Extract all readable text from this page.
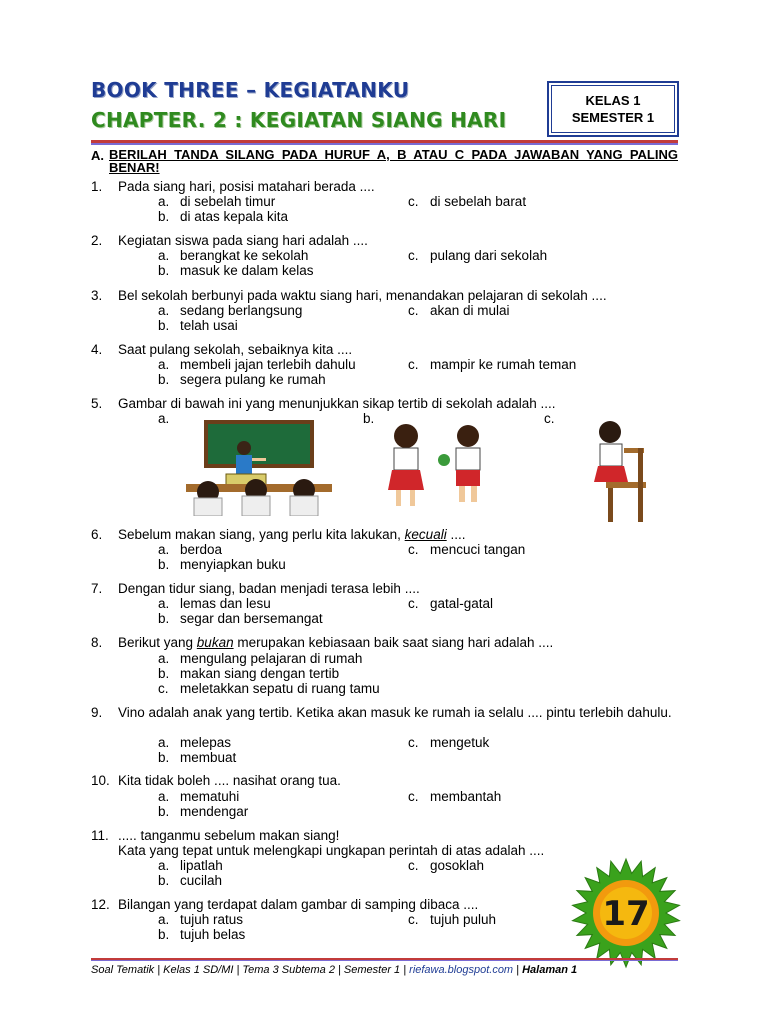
BOOK THREE – KEGIATANKU
CHAPTER. 2 : KEGIATAN SIANG HARI
KELAS 1
SEMESTER 1
A. BERILAH TANDA SILANG PADA HURUF A, B ATAU C PADA JAWABAN YANG PALING BENAR!
1. Pada siang hari, posisi matahari berada ....
a. di sebelah timur
b. di atas kepala kita
c. di sebelah barat
2. Kegiatan siswa pada siang hari adalah ....
a. berangkat ke sekolah
b. masuk ke dalam kelas
c. pulang dari sekolah
3. Bel sekolah berbunyi pada waktu siang hari, menandakan pelajaran di sekolah ....
a. sedang berlangsung
b. telah usai
c. akan di mulai
4. Saat pulang sekolah, sebaiknya kita ....
a. membeli jajan terlebih dahulu
b. segera pulang ke rumah
c. mampir ke rumah teman
5. Gambar di bawah ini yang menunjukkan sikap tertib di sekolah adalah ....
a.	b.	c.
6. Sebelum makan siang, yang perlu kita lakukan, kecuali ....
a. berdoa
b. menyiapkan buku
c. mencuci tangan
7. Dengan tidur siang, badan menjadi terasa lebih ....
a. lemas dan lesu
b. segar dan bersemangat
c. gatal-gatal
8. Berikut yang bukan merupakan kebiasaan baik saat siang hari adalah ....
a. mengulang pelajaran di rumah
b. makan siang dengan tertib
c. meletakkan sepatu di ruang tamu
9. Vino adalah anak yang tertib. Ketika akan masuk ke rumah ia selalu .... pintu terlebih dahulu.
a. melepas
b. membuat
c. mengetuk
10. Kita tidak boleh .... nasihat orang tua.
a. mematuhi
b. mendengar
c. membantah
11. ..... tanganmu sebelum makan siang!
Kata yang tepat untuk melengkapi ungkapan perintah di atas adalah ....
a. lipatlah
b. cucilah
c. gosoklah
12. Bilangan yang terdapat dalam gambar di samping dibaca ....
a. tujuh ratus
b. tujuh belas
c. tujuh puluh	17
Soal Tematik | Kelas 1 SD/MI | Tema 3 Subtema 2 | Semester 1 | riefawa.blogspot.com | Halaman 1
